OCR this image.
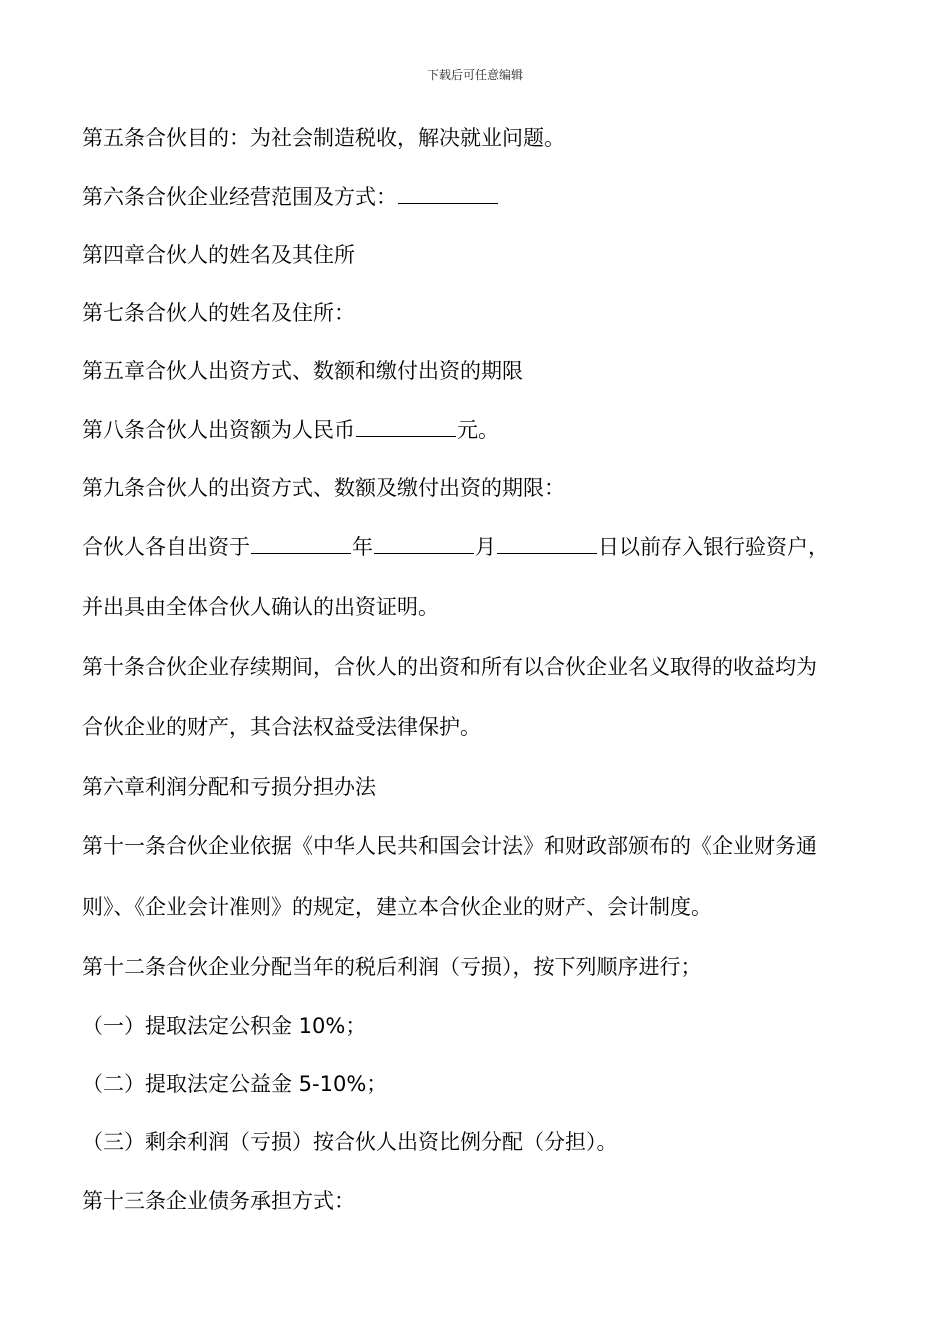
下载后可任意编辑
第五条合伙目的：为社会制造税收，解决就业问题。
第六条合伙企业经营范围及方式：
第四章合伙人的姓名及其住所
第七条合伙人的姓名及住所：
第五章合伙人出资方式、数额和缴付出资的期限
第八条合伙人出资额为人民币	元。
第九条合伙人的出资方式、数额及缴付出资的期限：
合伙人各自出资于	年	月	日以前存入银行验资户，
并出具由全体合伙人确认的出资证明。
第十条合伙企业存续期间，合伙人的出资和所有以合伙企业名义取得的收益均为
合伙企业的财产，其合法权益受法律保护。
第六章利润分配和亏损分担办法
第十一条合伙企业依据《中华人民共和国会计法》和财政部颁布的《企业财务通
则》、《企业会计准则》的规定，建立本合伙企业的财产、会计制度。
第十二条合伙企业分配当年的税后利润（亏损），按下列顺序进行；
（一）提取法定公积金 10%；
（二）提取法定公益金 5-10%；
（三）剩余利润（亏损）按合伙人出资比例分配（分担）。
第十三条企业债务承担方式：
